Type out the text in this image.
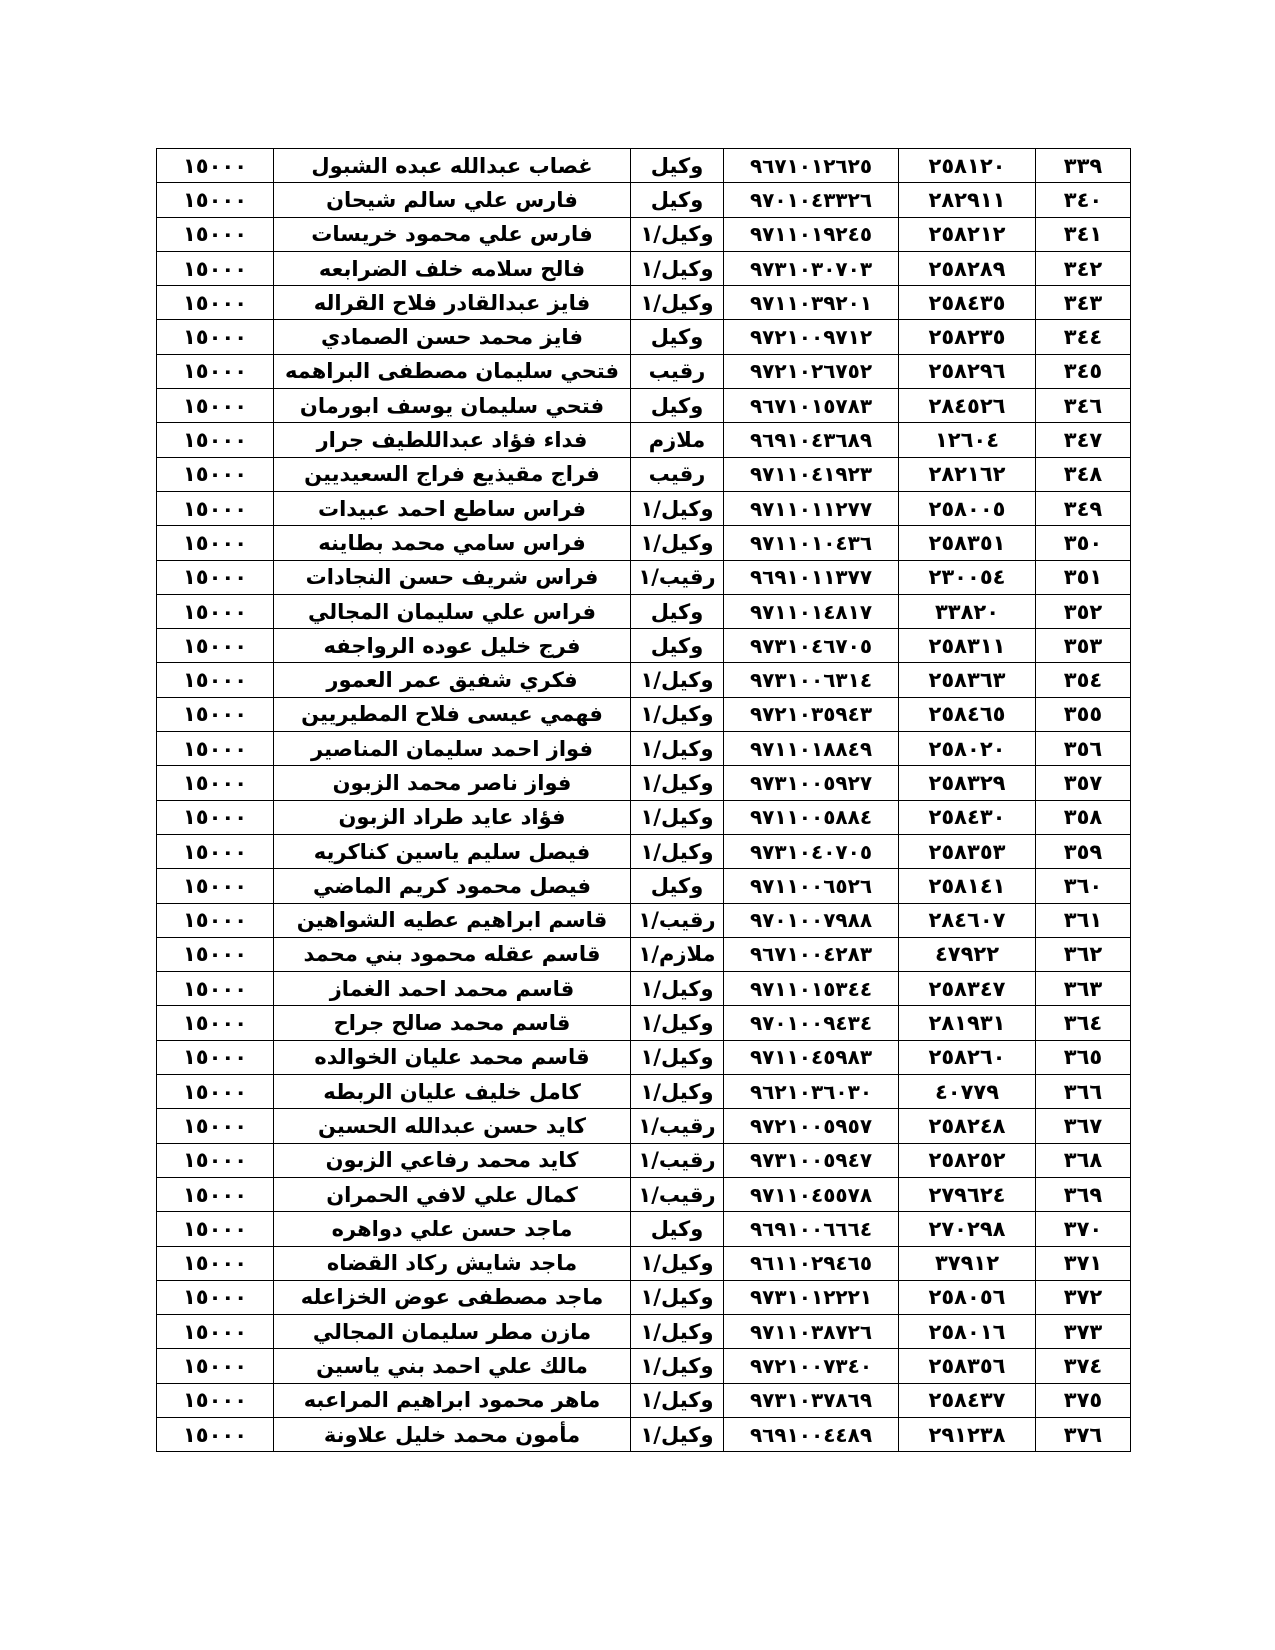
٣٣٩	٢٥٨١٢٠	٩٦٧١٠١٢٦٢٥	وكيل	غصاب عبدالله عبده الشبول	١٥٠٠٠
٣٤٠	٢٨٢٩١١	٩٧٠١٠٤٣٣٢٦	وكيل	فارس علي سالم شيحان	١٥٠٠٠
٣٤١	٢٥٨٢١٢	٩٧١١٠١٩٢٤٥	وكيل/١	فارس علي محمود خريسات	١٥٠٠٠
٣٤٢	٢٥٨٢٨٩	٩٧٣١٠٣٠٧٠٣	وكيل/١	فالح سلامه خلف الضرابعه	١٥٠٠٠
٣٤٣	٢٥٨٤٣٥	٩٧١١٠٣٩٢٠١	وكيل/١	فايز عبدالقادر فلاح القراله	١٥٠٠٠
٣٤٤	٢٥٨٢٣٥	٩٧٢١٠٠٩٧١٢	وكيل	فايز محمد حسن الصمادي	١٥٠٠٠
٣٤٥	٢٥٨٢٩٦	٩٧٢١٠٢٦٧٥٢	رقيب	فتحي سليمان مصطفى البراهمه	١٥٠٠٠
٣٤٦	٢٨٤٥٢٦	٩٦٧١٠١٥٧٨٣	وكيل	فتحي سليمان يوسف ابورمان	١٥٠٠٠
٣٤٧	١٢٦٠٤	٩٦٩١٠٤٣٦٨٩	ملازم	فداء فؤاد عبداللطيف جرار	١٥٠٠٠
٣٤٨	٢٨٢١٦٢	٩٧١١٠٤١٩٢٣	رقيب	فراج مقيذيع فراج السعيديين	١٥٠٠٠
٣٤٩	٢٥٨٠٠٥	٩٧١١٠١١٢٧٧	وكيل/١	فراس ساطع احمد عبيدات	١٥٠٠٠
٣٥٠	٢٥٨٣٥١	٩٧١١٠١٠٤٣٦	وكيل/١	فراس سامي محمد بطاينه	١٥٠٠٠
٣٥١	٢٣٠٠٥٤	٩٦٩١٠١١٣٧٧	رقيب/١	فراس شريف حسن النجادات	١٥٠٠٠
٣٥٢	٣٣٨٢٠	٩٧١١٠١٤٨١٧	وكيل	فراس علي سليمان المجالي	١٥٠٠٠
٣٥٣	٢٥٨٣١١	٩٧٣١٠٤٦٧٠٥	وكيل	فرج خليل عوده الرواجفه	١٥٠٠٠
٣٥٤	٢٥٨٣٦٣	٩٧٣١٠٠٦٣١٤	وكيل/١	فكري شفيق عمر العمور	١٥٠٠٠
٣٥٥	٢٥٨٤٦٥	٩٧٢١٠٣٥٩٤٣	وكيل/١	فهمي عيسى فلاح المطيريين	١٥٠٠٠
٣٥٦	٢٥٨٠٢٠	٩٧١١٠١٨٨٤٩	وكيل/١	فواز احمد سليمان المناصير	١٥٠٠٠
٣٥٧	٢٥٨٣٢٩	٩٧٣١٠٠٥٩٢٧	وكيل/١	فواز ناصر محمد الزبون	١٥٠٠٠
٣٥٨	٢٥٨٤٣٠	٩٧١١٠٠٥٨٨٤	وكيل/١	فؤاد عايد طراد الزبون	١٥٠٠٠
٣٥٩	٢٥٨٣٥٣	٩٧٣١٠٤٠٧٠٥	وكيل/١	فيصل سليم ياسين كناكريه	١٥٠٠٠
٣٦٠	٢٥٨١٤١	٩٧١١٠٠٦٥٢٦	وكيل	فيصل محمود كريم الماضي	١٥٠٠٠
٣٦١	٢٨٤٦٠٧	٩٧٠١٠٠٧٩٨٨	رقيب/١	قاسم ابراهيم عطيه الشواهين	١٥٠٠٠
٣٦٢	٤٧٩٢٢	٩٦٧١٠٠٤٢٨٣	ملازم/١	قاسم عقله محمود بني محمد	١٥٠٠٠
٣٦٣	٢٥٨٣٤٧	٩٧١١٠١٥٣٤٤	وكيل/١	قاسم محمد احمد الغماز	١٥٠٠٠
٣٦٤	٢٨١٩٣١	٩٧٠١٠٠٩٤٣٤	وكيل/١	قاسم محمد صالح جراح	١٥٠٠٠
٣٦٥	٢٥٨٢٦٠	٩٧١١٠٤٥٩٨٣	وكيل/١	قاسم محمد عليان الخوالده	١٥٠٠٠
٣٦٦	٤٠٧٧٩	٩٦٢١٠٣٦٠٣٠	وكيل/١	كامل خليف عليان الربطه	١٥٠٠٠
٣٦٧	٢٥٨٢٤٨	٩٧٢١٠٠٥٩٥٧	رقيب/١	كايد حسن عبدالله الحسين	١٥٠٠٠
٣٦٨	٢٥٨٢٥٢	٩٧٣١٠٠٥٩٤٧	رقيب/١	كايد محمد رفاعي الزبون	١٥٠٠٠
٣٦٩	٢٧٩٦٢٤	٩٧١١٠٤٥٥٧٨	رقيب/١	كمال علي لافي الحمران	١٥٠٠٠
٣٧٠	٢٧٠٢٩٨	٩٦٩١٠٠٦٦٦٤	وكيل	ماجد حسن علي دواهره	١٥٠٠٠
٣٧١	٣٧٩١٢	٩٦١١٠٢٩٤٦٥	وكيل/١	ماجد شايش ركاد القضاه	١٥٠٠٠
٣٧٢	٢٥٨٠٥٦	٩٧٣١٠١٢٢٢١	وكيل/١	ماجد مصطفى عوض الخزاعله	١٥٠٠٠
٣٧٣	٢٥٨٠١٦	٩٧١١٠٣٨٧٢٦	وكيل/١	مازن مطر سليمان المجالي	١٥٠٠٠
٣٧٤	٢٥٨٣٥٦	٩٧٢١٠٠٧٣٤٠	وكيل/١	مالك علي احمد بني ياسين	١٥٠٠٠
٣٧٥	٢٥٨٤٣٧	٩٧٣١٠٣٧٨٦٩	وكيل/١	ماهر محمود ابراهيم المراعبه	١٥٠٠٠
٣٧٦	٢٩١٢٣٨	٩٦٩١٠٠٤٤٨٩	وكيل/١	مأمون محمد خليل علاونة	١٥٠٠٠
